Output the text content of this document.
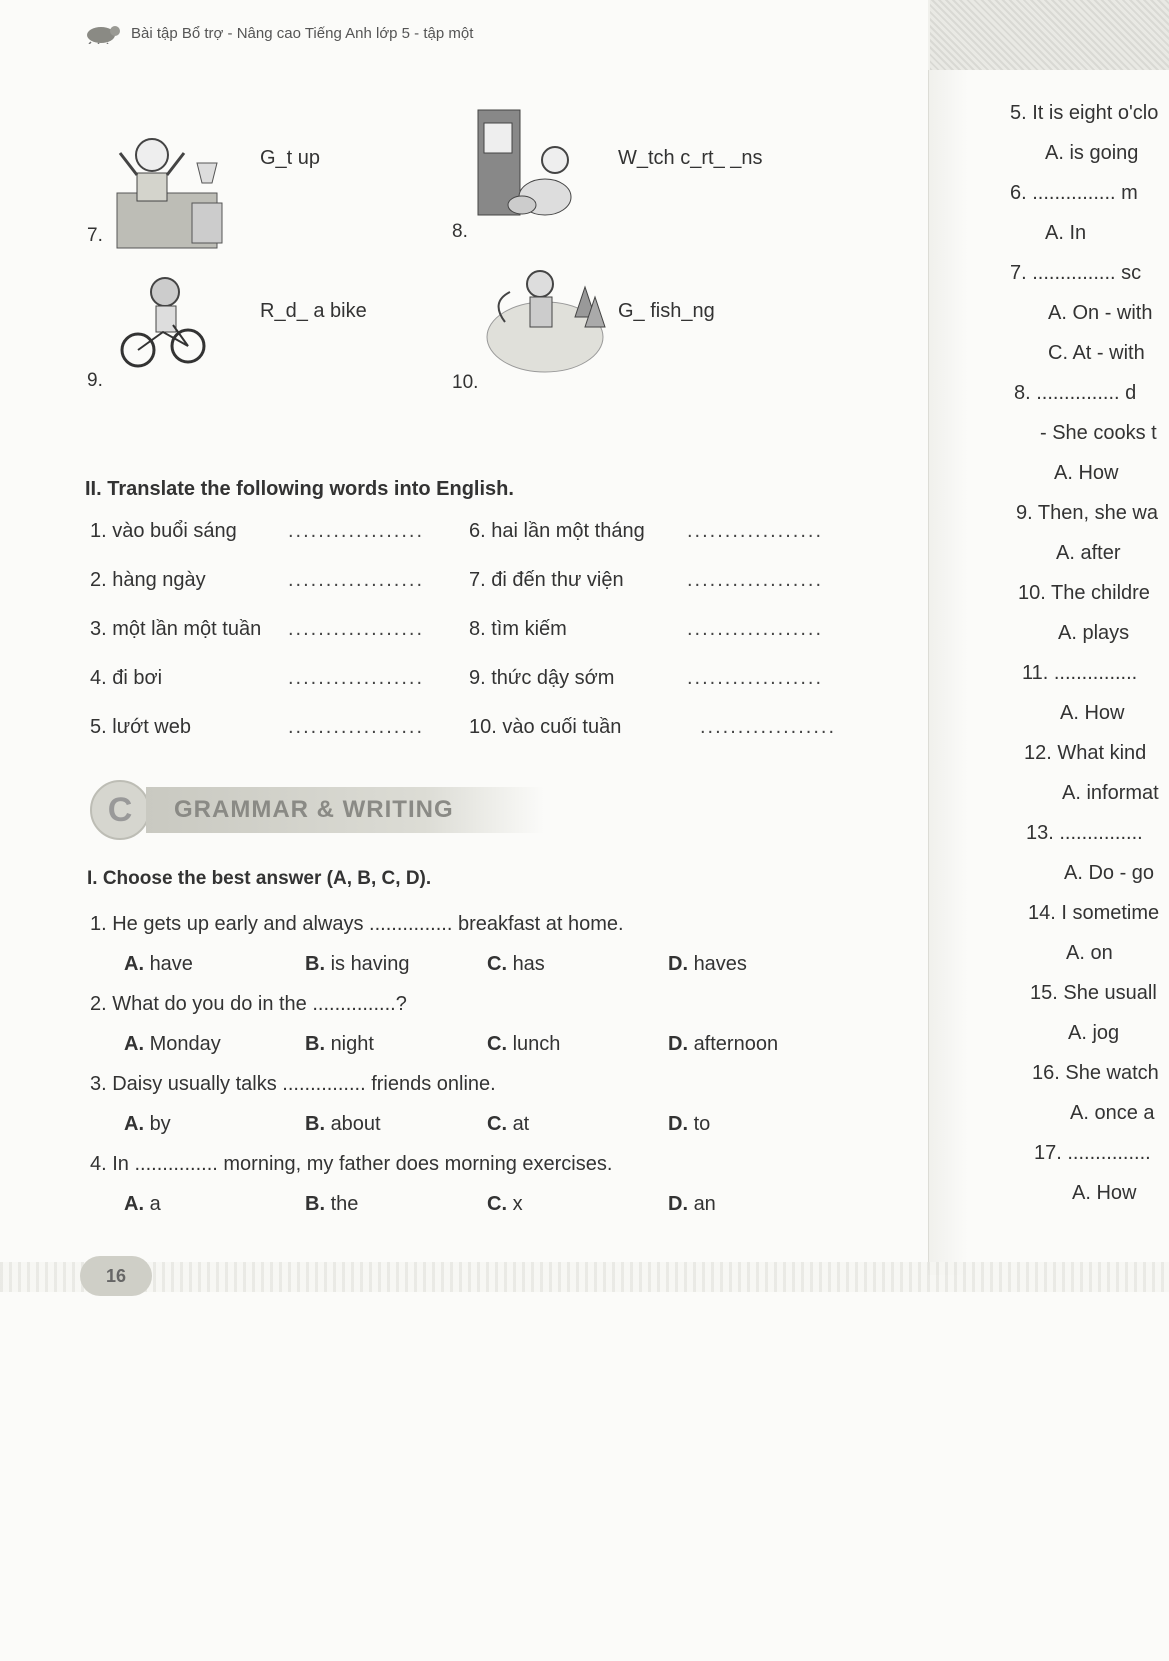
Bài tập Bổ trợ - Nâng cao Tiếng Anh lớp 5 - tập một
7.
G_t up
8.
W_tch c_rt_ _ns
9.
R_d_ a bike
10.
G_ fish_ng
II. Translate the following words into English.
1. vào buổi sáng	..................
2. hàng ngày	..................
3. một lần một tuần ..................
4. đi bơi	..................
5. lướt web	..................
6. hai lần một tháng ..................
7. đi đến thư viện	..................
8. tìm kiếm	..................
9. thức dậy sớm	..................
10. vào cuối tuần	..................
C	GRAMMAR & WRITING
I. Choose the best answer (A, B, C, D).
1. He gets up early and always ............... breakfast at home.
A. have	B. is having	C. has	D. haves
2. What do you do in the ...............?
A. Monday	B. night	C. lunch	D. afternoon
3. Daisy usually talks ............... friends online.
A. by	B. about	C. at	D. to
4. In ............... morning, my father does morning exercises.
A. a	B. the	C. x	D. an
5. It is eight o'clo
A. is going
6. ............... m
A. In
7. ............... sc
A. On - with
C. At - with
8. ............... d
- She cooks t
A. How
9. Then, she wa
A. after
10. The childre
A. plays
11. ...............
A. How
12. What kind
A. informat
13. ...............
A. Do - go
14. I sometime
A. on
15. She usuall
A. jog
16. She watch
A. once a
17. ...............
A. How
16
